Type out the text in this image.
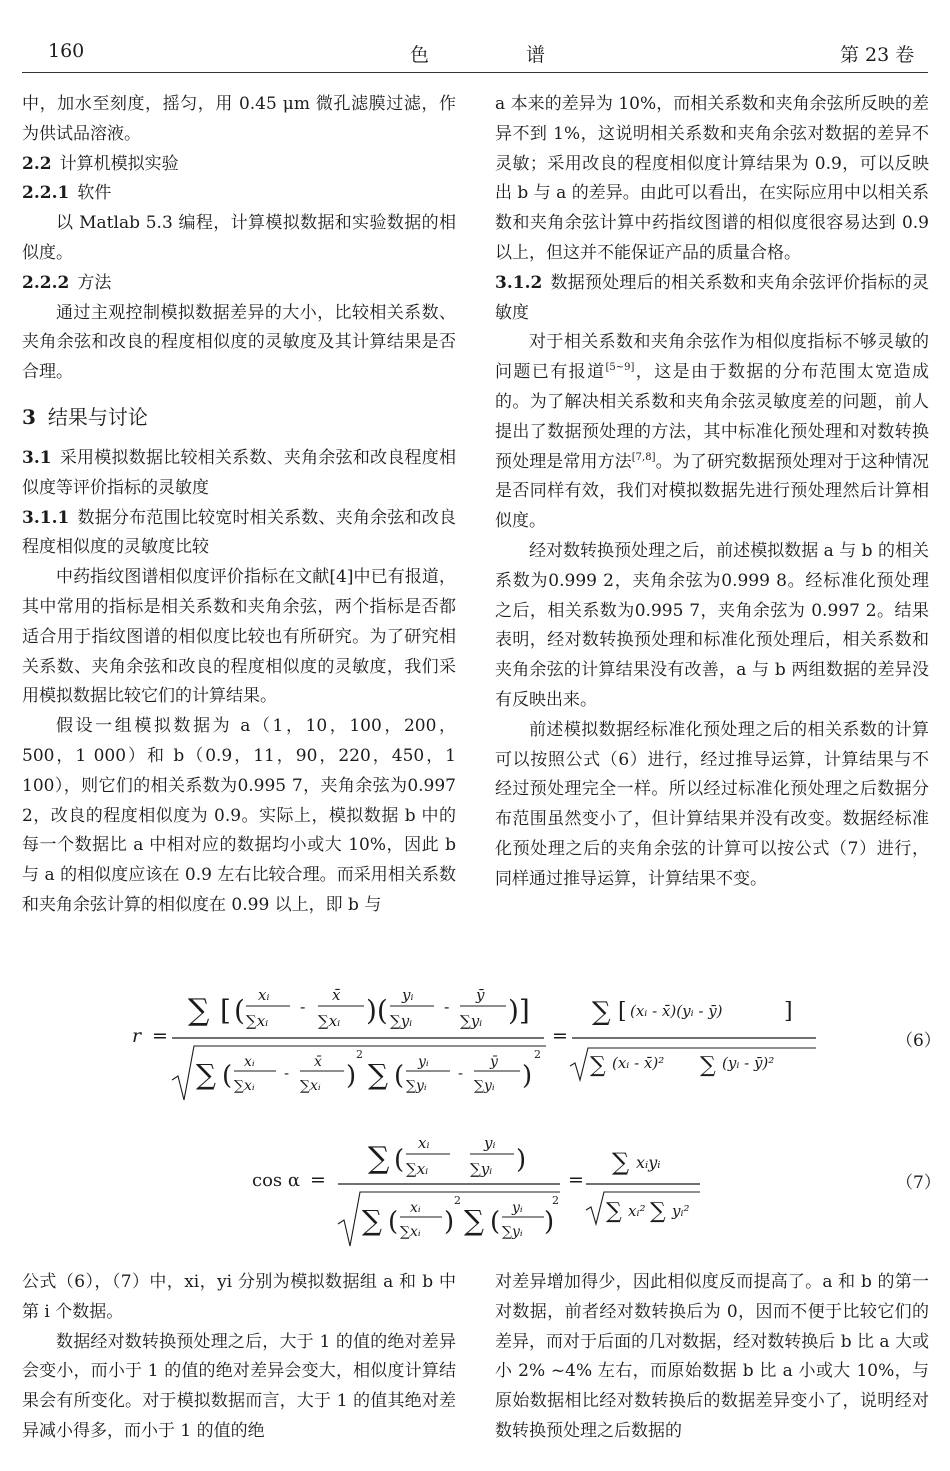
160	色	谱	第 23 卷
中，加水至刻度，摇匀，用 0.45 μm 微孔滤膜过滤，作为供试品溶液。
2.2 计算机模拟实验
2.2.1 软件
以 Matlab 5.3 编程，计算模拟数据和实验数据的相似度。
2.2.2 方法
通过主观控制模拟数据差异的大小，比较相关系数、夹角余弦和改良的程度相似度的灵敏度及其计算结果是否合理。
3 结果与讨论
3.1 采用模拟数据比较相关系数、夹角余弦和改良程度相似度等评价指标的灵敏度
3.1.1 数据分布范围比较宽时相关系数、夹角余弦和改良程度相似度的灵敏度比较
中药指纹图谱相似度评价指标在文献[4]中已有报道，其中常用的指标是相关系数和夹角余弦，两个指标是否都适合用于指纹图谱的相似度比较也有所研究。为了研究相关系数、夹角余弦和改良的程度相似度的灵敏度，我们采用模拟数据比较它们的计算结果。
假设一组模拟数据为 a（1，10，100，200，500，1 000）和 b（0.9，11，90，220，450，1 100），则它们的相关系数为0.995 7，夹角余弦为0.997 2，改良的程度相似度为 0.9。实际上，模拟数据 b 中的每一个数据比 a 中相对应的数据均小或大 10%，因此 b 与 a 的相似度应该在 0.9 左右比较合理。而采用相关系数和夹角余弦计算的相似度在 0.99 以上，即 b 与
a 本来的差异为 10%，而相关系数和夹角余弦所反映的差异不到 1%，这说明相关系数和夹角余弦对数据的差异不灵敏；采用改良的程度相似度计算结果为 0.9，可以反映出 b 与 a 的差异。由此可以看出，在实际应用中以相关系数和夹角余弦计算中药指纹图谱的相似度很容易达到 0.9 以上，但这并不能保证产品的质量合格。
3.1.2 数据预处理后的相关系数和夹角余弦评价指标的灵敏度
对于相关系数和夹角余弦作为相似度指标不够灵敏的问题已有报道[5~9]，这是由于数据的分布范围太宽造成的。为了解决相关系数和夹角余弦灵敏度差的问题，前人提出了数据预处理的方法，其中标准化预处理和对数转换预处理是常用方法[7,8]。为了研究数据预处理对于这种情况是否同样有效，我们对模拟数据先进行预处理然后计算相似度。
经对数转换预处理之后，前述模拟数据 a 与 b 的相关系数为0.999 2，夹角余弦为0.999 8。经标准化预处理之后，相关系数为0.995 7，夹角余弦为 0.997 2。结果表明，经对数转换预处理和标准化预处理后，相关系数和夹角余弦的计算结果没有改善，a 与 b 两组数据的差异没有反映出来。
前述模拟数据经标准化预处理之后的相关系数的计算可以按照公式（6）进行，经过推导运算，计算结果与不经过预处理完全一样。所以经过标准化预处理之后数据分布范围虽然变小了，但计算结果并没有改变。数据经标准化预处理之后的夹角余弦的计算可以按公式（7）进行，同样通过推导运算，计算结果不变。
r =
∑ [ ( xᵢ
∑xᵢ
-
x̄
∑xᵢ )( yᵢ
∑yᵢ
-
ȳ
∑yᵢ )]
∑ ( xᵢ
∑xᵢ
-
x̄
∑xᵢ )
2
∑ ( yᵢ
∑yᵢ
-
ȳ
∑yᵢ )
2
=
∑ [ (xᵢ - x̄)(yᵢ - ȳ)	]
∑ (xᵢ - x̄)² ∑ (yᵢ - ȳ)²
（6）
cos α =
∑ (
xᵢ
∑xᵢ
yᵢ
∑yᵢ )
∑ ( xᵢ
∑xᵢ )
2
∑ ( yᵢ
∑yᵢ )
2
=
∑ xᵢyᵢ
∑ xᵢ² ∑ yᵢ²
（7）
公式（6），（7）中，xi，yi 分别为模拟数据组 a 和 b 中第 i 个数据。
数据经对数转换预处理之后，大于 1 的值的绝对差异会变小，而小于 1 的值的绝对差异会变大，相似度计算结果会有所变化。对于模拟数据而言，大于 1 的值其绝对差异减小得多，而小于 1 的值的绝
对差异增加得少，因此相似度反而提高了。a 和 b 的第一对数据，前者经对数转换后为 0，因而不便于比较它们的差异，而对于后面的几对数据，经对数转换后 b 比 a 大或小 2% ~4% 左右，而原始数据 b 比 a 小或大 10%，与原始数据相比经对数转换后的数据差异变小了，说明经对数转换预处理之后数据的
